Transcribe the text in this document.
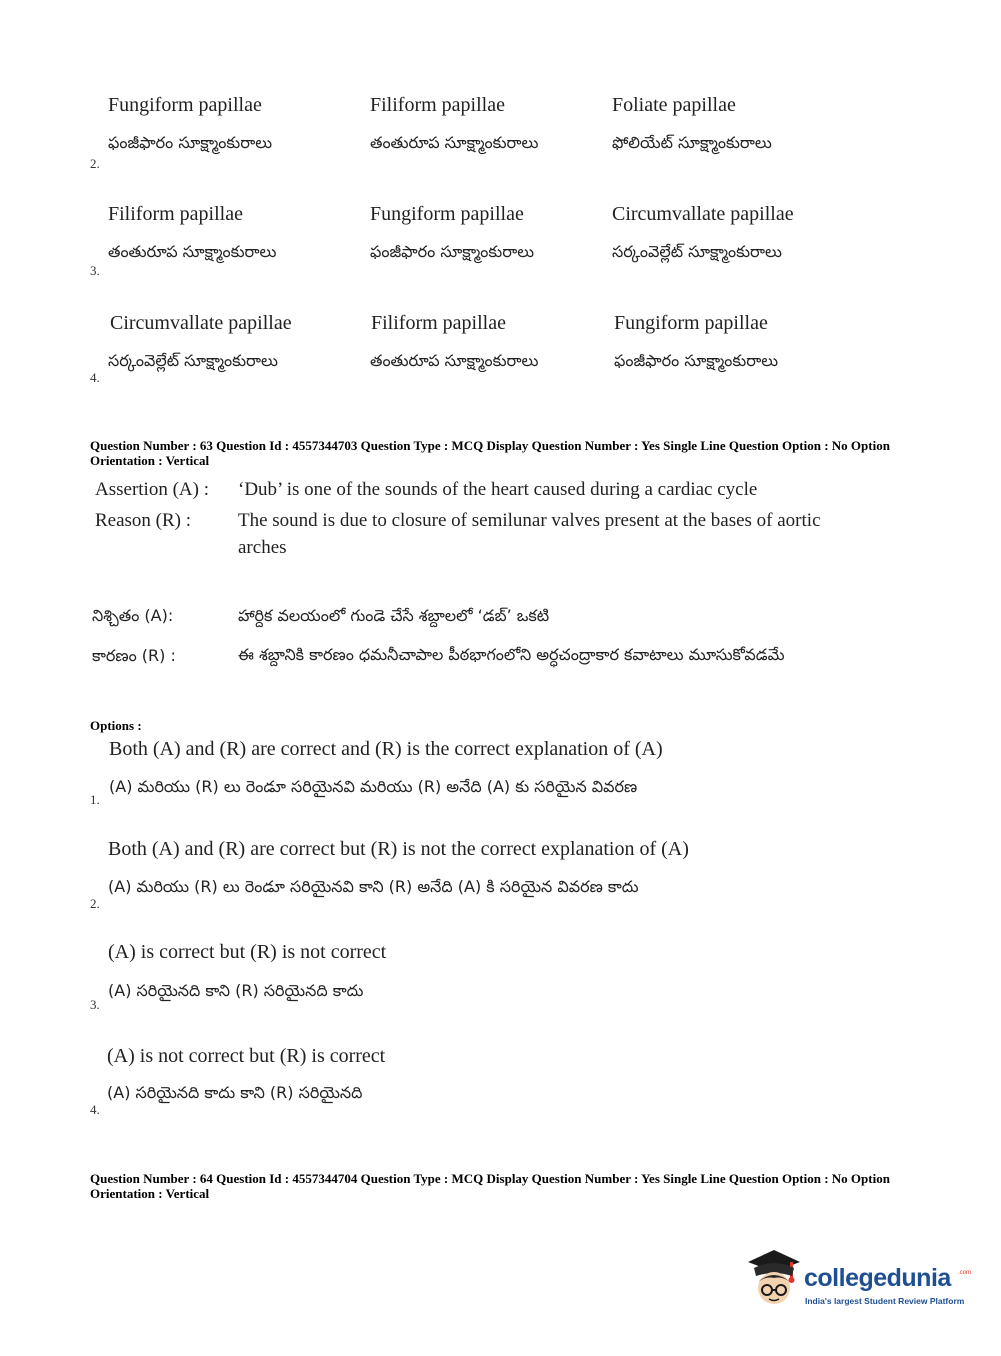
Fungiform papillae	Filiform papillae	Foliate papillae
ఫంజీఫారం సూక్ష్మాంకురాలు	తంతురూప సూక్ష్మాంకురాలు	ఫోలియేట్ సూక్ష్మాంకురాలు
2.
Filiform papillae	Fungiform papillae	Circumvallate papillae
తంతురూప సూక్ష్మాంకురాలు	ఫంజీఫారం సూక్ష్మాంకురాలు	సర్కంవెల్లేట్ సూక్ష్మాంకురాలు
3.
Circumvallate papillae	Filiform papillae	Fungiform papillae
సర్కంవెల్లేట్ సూక్ష్మాంకురాలు	తంతురూప సూక్ష్మాంకురాలు	ఫంజీఫారం సూక్ష్మాంకురాలు
4.
Question Number : 63 Question Id : 4557344703 Question Type : MCQ Display Question Number : Yes Single Line Question Option : No Option Orientation : Vertical
Assertion (A) : ‘Dub’ is one of the sounds of the heart caused during a cardiac cycle
Reason (R) : The sound is due to closure of semilunar valves present at the bases of aortic arches
నిశ్చితం (A):	హార్దిక వలయంలో గుండె చేసే శబ్దాలలో ‘డబ్’ ఒకటి
కారణం (R) :	ఈ శబ్దానికి కారణం ధమనీచాపాల పీఠభాగంలోని అర్ధచంద్రాకార కవాటాలు మూసుకోవడమే
Options :
Both (A) and (R) are correct and (R) is the correct explanation of (A)
(A) మరియు (R) లు రెండూ సరియైనవి మరియు (R) అనేది (A) కు సరియైన వివరణ
1.
Both (A) and (R) are correct but (R) is not the correct explanation of (A)
(A) మరియు (R) లు రెండూ సరియైనవి కాని (R) అనేది (A) కి సరియైన వివరణ కాదు
2.
(A) is correct but (R) is not correct
(A) సరియైనది కాని (R) సరియైనది కాదు
3.
(A) is not correct but (R) is correct
(A) సరియైనది కాదు కాని (R) సరియైనది
4.
Question Number : 64 Question Id : 4557344704 Question Type : MCQ Display Question Number : Yes Single Line Question Option : No Option Orientation : Vertical
collegedunia .com
India's largest Student Review Platform
